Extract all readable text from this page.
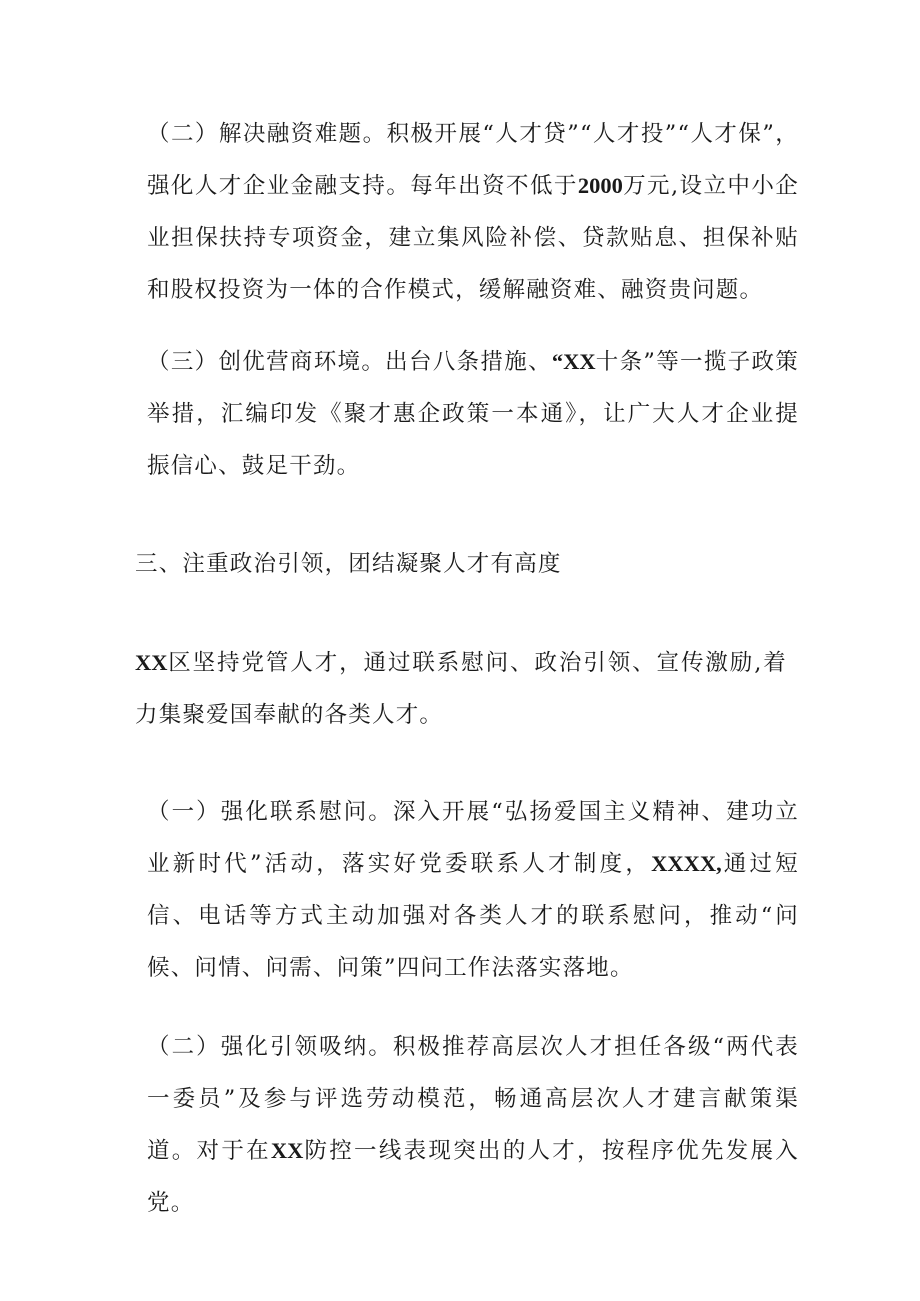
（二）解决融资难题。积极开展“人才贷”“人才投”“人才保”，强化人才企业金融支持。每年出资不低于2000万元,设立中小企业担保扶持专项资金，建立集风险补偿、贷款贴息、担保补贴和股权投资为一体的合作模式，缓解融资难、融资贵问题。

（三）创优营商环境。出台八条措施、“XX十条”等一揽子政策举措，汇编印发《聚才惠企政策一本通》，让广大人才企业提振信心、鼓足干劲。

三、注重政治引领，团结凝聚人才有高度

XX区坚持党管人才，通过联系慰问、政治引领、宣传激励,着力集聚爱国奉献的各类人才。

（一）强化联系慰问。深入开展“弘扬爱国主义精神、建功立业新时代”活动，落实好党委联系人才制度，XXXX,通过短信、电话等方式主动加强对各类人才的联系慰问，推动“问候、问情、问需、问策”四问工作法落实落地。

（二）强化引领吸纳。积极推荐高层次人才担任各级“两代表一委员”及参与评选劳动模范，畅通高层次人才建言献策渠道。对于在XX防控一线表现突出的人才，按程序优先发展入党。
